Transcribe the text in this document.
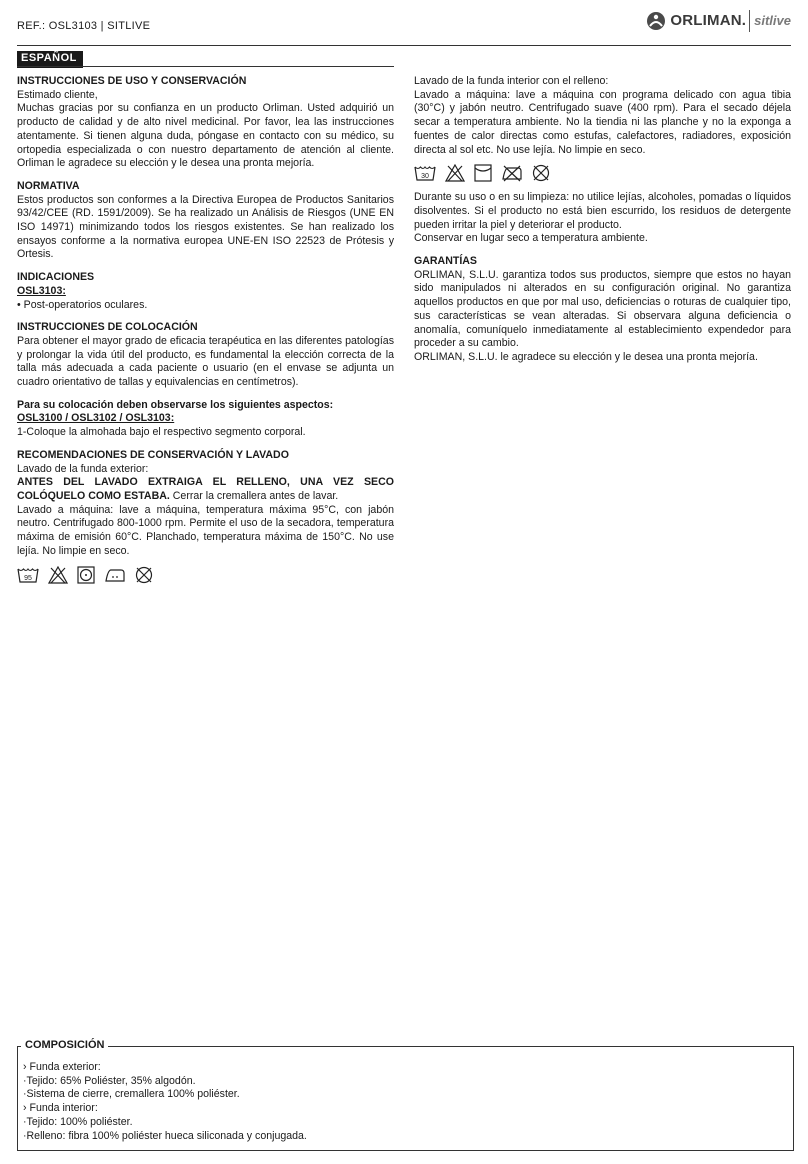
REF.: OSL3103 | SITLIVE	ORLIMAN. sitlive
ESPAÑOL
INSTRUCCIONES DE USO Y CONSERVACIÓN

Estimado cliente,

Muchas gracias por su confianza en un producto Orliman. Usted adquirió un producto de calidad y de alto nivel medicinal. Por favor, lea las instrucciones atentamente. Si tienen alguna duda, póngase en contacto con su médico, su ortopedia especializada o con nuestro departamento de atención al cliente. Orliman le agradece su elección y le desea una pronta mejoría.

NORMATIVA

Estos productos son conformes a la Directiva Europea de Productos Sanitarios 93/42/CEE (RD. 1591/2009). Se ha realizado un Análisis de Riesgos (UNE EN ISO 14971) minimizando todos los riesgos existentes. Se han realizado los ensayos conforme a la normativa europea UNE-EN ISO 22523 de Prótesis y Ortesis.

INDICACIONES

OSL3103:

• Post-operatorios oculares.

INSTRUCCIONES DE COLOCACIÓN

Para obtener el mayor grado de eficacia terapéutica en las diferentes patologías y prolongar la vida útil del producto, es fundamental la elección correcta de la talla más adecuada a cada paciente o usuario (en el envase se adjunta un cuadro orientativo de tallas y equivalencias en centímetros).

Para su colocación deben observarse los siguientes aspectos:

OSL3100 / OSL3102 / OSL3103:

1-Coloque la almohada bajo el respectivo segmento corporal.

RECOMENDACIONES DE CONSERVACIÓN Y LAVADO

Lavado de la funda exterior:

ANTES DEL LAVADO EXTRAIGA EL RELLENO, UNA VEZ SECO COLÓQUELO COMO ESTABA. Cerrar la cremallera antes de lavar.

Lavado a máquina: lave a máquina, temperatura máxima 95°C, con jabón neutro. Centrifugado 800-1000 rpm. Permite el uso de la secadora, temperatura máxima de emisión 60°C. Planchado, temperatura máxima de 150°C. No use lejía. No limpie en seco.

95

Lavado de la funda interior con el relleno:

Lavado a máquina: lave a máquina con programa delicado con agua tibia (30°C) y jabón neutro. Centrifugado suave (400 rpm). Para el secado déjela secar a temperatura ambiente. No la tiendia ni las planche y no la exponga a fuentes de calor directas como estufas, calefactores, radiadores, exposición directa al sol etc. No use lejía. No limpie en seco.

30

Durante su uso o en su limpieza: no utilice lejías, alcoholes, pomadas o líquidos disolventes. Si el producto no está bien escurrido, los residuos de detergente pueden irritar la piel y deteriorar el producto.

Conservar en lugar seco a temperatura ambiente.

GARANTÍAS

ORLIMAN, S.L.U. garantiza todos sus productos, siempre que estos no hayan sido manipulados ni alterados en su configuración original. No garantiza aquellos productos en que por mal uso, deficiencias o roturas de cualquier tipo, sus características se vean alteradas. Si observara alguna deficiencia o anomalía, comuníquelo inmediatamente al establecimiento expendedor para proceder a su cambio.

ORLIMAN, S.L.U. le agradece su elección y le desea una pronta mejoría.

COMPOSICIÓN
› Funda exterior:
·Tejido: 65% Poliéster, 35% algodón.
·Sistema de cierre, cremallera 100% poliéster.
› Funda interior:
·Tejido: 100% poliéster.
·Relleno: fibra 100% poliéster hueca siliconada y conjugada.
